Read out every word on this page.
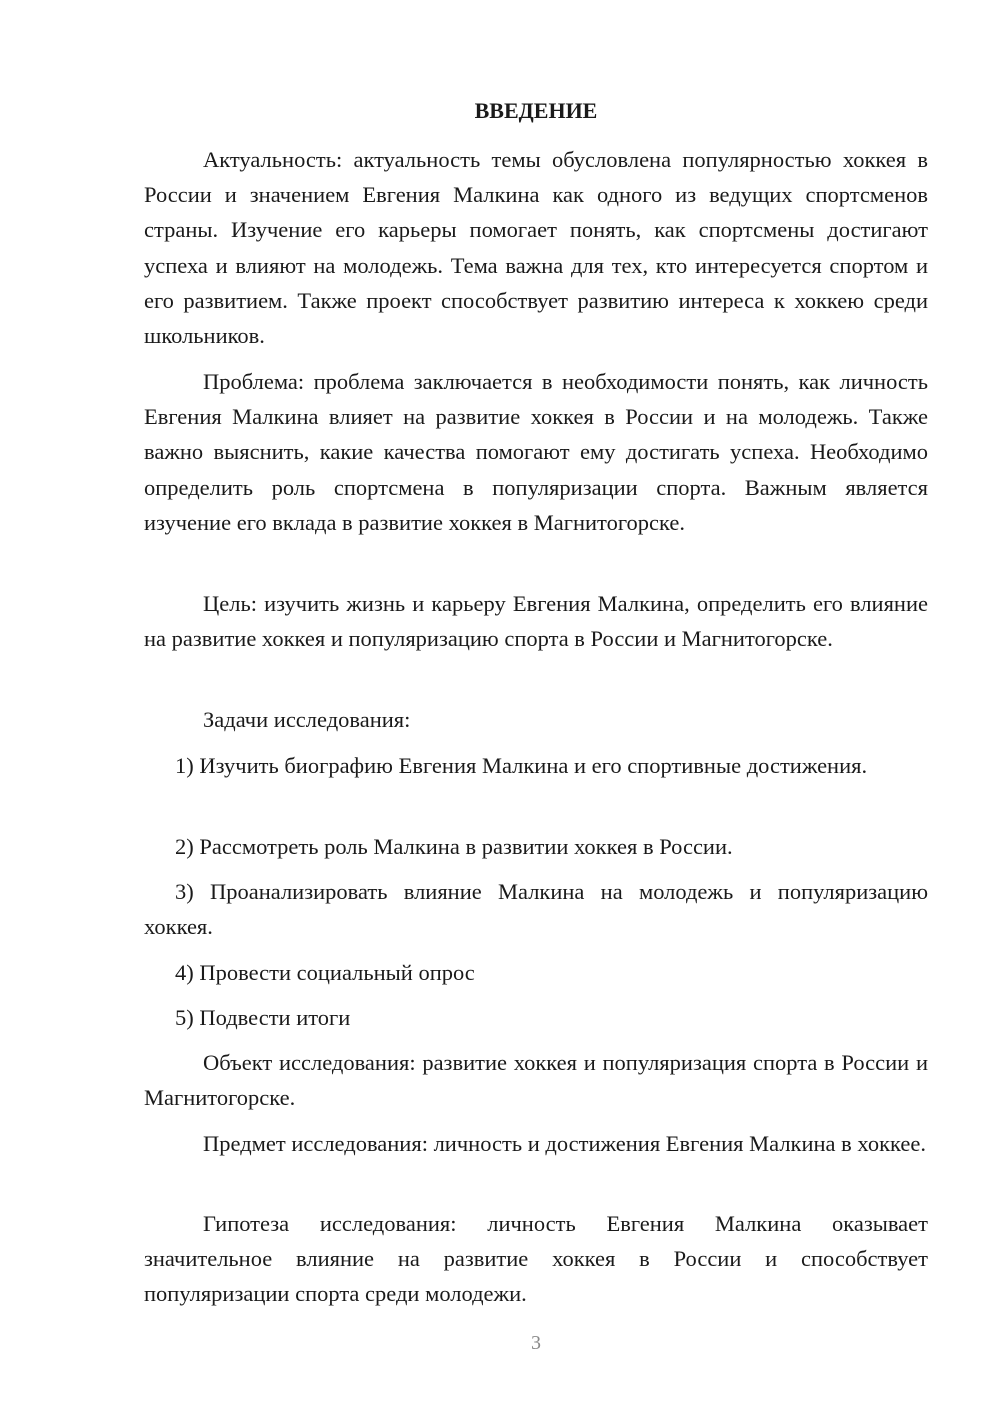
ВВЕДЕНИЕ

Актуальность: актуальность темы обусловлена популярностью хоккея в России и значением Евгения Малкина как одного из ведущих спортсменов страны. Изучение его карьеры помогает понять, как спортсмены достигают успеха и влияют на молодежь. Тема важна для тех, кто интересуется спортом и его развитием. Также проект способствует развитию интереса к хоккею среди школьников.

Проблема: проблема заключается в необходимости понять, как личность Евгения Малкина влияет на развитие хоккея в России и на молодежь. Также важно выяснить, какие качества помогают ему достигать успеха. Необходимо определить роль спортсмена в популяризации спорта. Важным является изучение его вклада в развитие хоккея в Магнитогорске.

Цель: изучить жизнь и карьеру Евгения Малкина, определить его влияние на развитие хоккея и популяризацию спорта в России и Магнитогорске.

Задачи исследования:

1) Изучить биографию Евгения Малкина и его спортивные достижения.

2) Рассмотреть роль Малкина в развитии хоккея в России.

3) Проанализировать влияние Малкина на молодежь и популяризацию хоккея.

4) Провести социальный опрос

5) Подвести итоги

Объект исследования: развитие хоккея и популяризация спорта в России и Магнитогорске.

Предмет исследования: личность и достижения Евгения Малкина в хоккее.

Гипотеза исследования: личность Евгения Малкина оказывает значительное влияние на развитие хоккея в России и способствует популяризации спорта среди молодежи.

3
